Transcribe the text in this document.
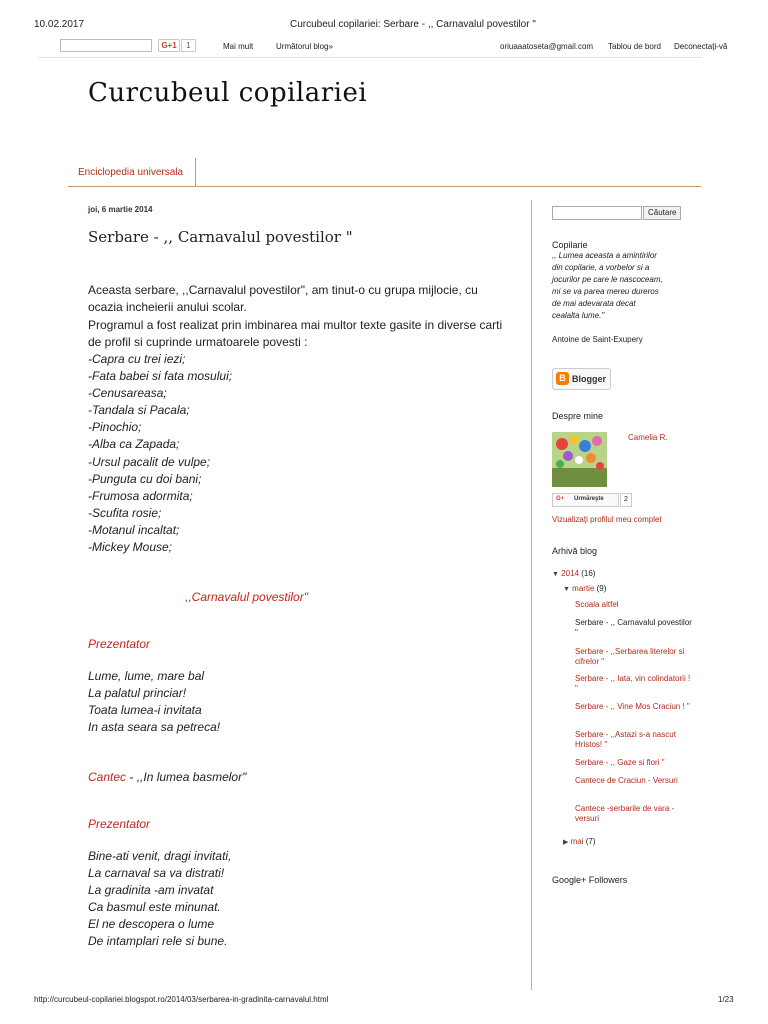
10.02.2017	Curcubeul copilariei: Serbare - ,, Carnavalul povestilor "
G+1	1	Mai mult	Următorul blog»	oriuaaatoseta@gmail.com Tablou de bord Deconectaţi-vă
Curcubeul copilariei
Enciclopedia universala
joi, 6 martie 2014
Serbare - ,, Carnavalul povestilor "
Aceasta serbare, ,,Carnavalul povestilor", am tinut-o cu grupa mijlocie, cu
ocazia incheierii anului scolar.
Programul a fost realizat prin imbinarea mai multor texte gasite in diverse carti
de profil si cuprinde urmatoarele povesti :
-Capra cu trei iezi;
-Fata babei si fata mosului;
-Cenusareasa;
-Tandala si Pacala;
-Pinochio;
-Alba ca Zapada;
-Ursul pacalit de vulpe;
-Punguta cu doi bani;
-Frumosa adormita;
-Scufita rosie;
-Motanul incaltat;
-Mickey Mouse;
,,Carnavalul povestilor"
Prezentator
Lume, lume, mare bal
La palatul princiar!
Toata lumea-i invitata
In asta seara sa petreca!
Cantec - ,,In lumea basmelor"
Prezentator
Bine-ati venit, dragi invitati,
La carnaval sa va distrati!
La gradinita -am invatat
Ca basmul este minunat.
El ne descopera o lume
De intamplari rele si bune.
Căutare
Copilarie
,, Lumea aceasta a amintirilor
din copilarie, a vorbelor si a
jocurilor pe care le nascoceam,
mi se va parea mereu dureros
de mai adevarata decat
cealalta lume."
Antoine de Saint-Exupery
B Blogger
Despre mine
Camelia R.
G+ Urmăreşte	2
Vizualizaţi profilul meu complet
Arhivă blog
▼ 2014 (16)
▼ martie (9)
Scoala altfel
Serbare - ,, Carnavalul povestilor "
Serbare - ,,Serbarea literelor si cifrelor "
Serbare - ,, Iata, vin colindatorii ! "
Serbare - ,, Vine Mos Craciun ! "
Serbare - ,,Astazi s-a nascut Hristos! "
Serbare - ,, Gaze si flori "
Cantece de Craciun - Versuri
Cantece -serbarile de vara - versuri
▶ mai (7)
Google+ Followers
http://curcubeul-copilariei.blogspot.ro/2014/03/serbarea-in-gradinita-carnavalul.html	1/23
